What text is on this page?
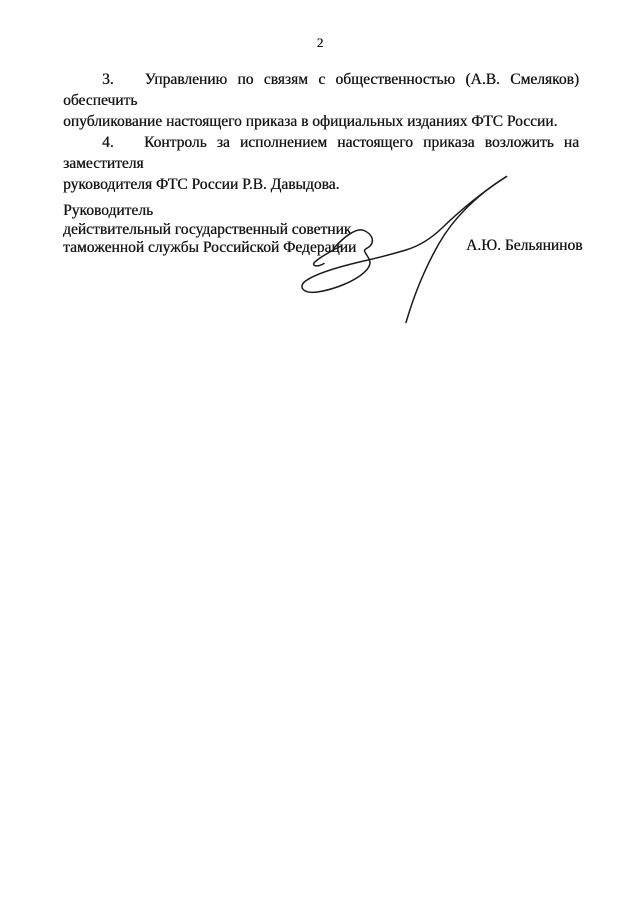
2
3.   Управлению по связям с общественностью (А.В. Смеляков) обеспечить
опубликование настоящего приказа в официальных изданиях ФТС России.
4.   Контроль за исполнением настоящего приказа возложить на заместителя
руководителя ФТС России Р.В. Давыдова.
Руководитель
действительный государственный советник
таможенной службы Российской Федерации	А.Ю. Бельянинов
